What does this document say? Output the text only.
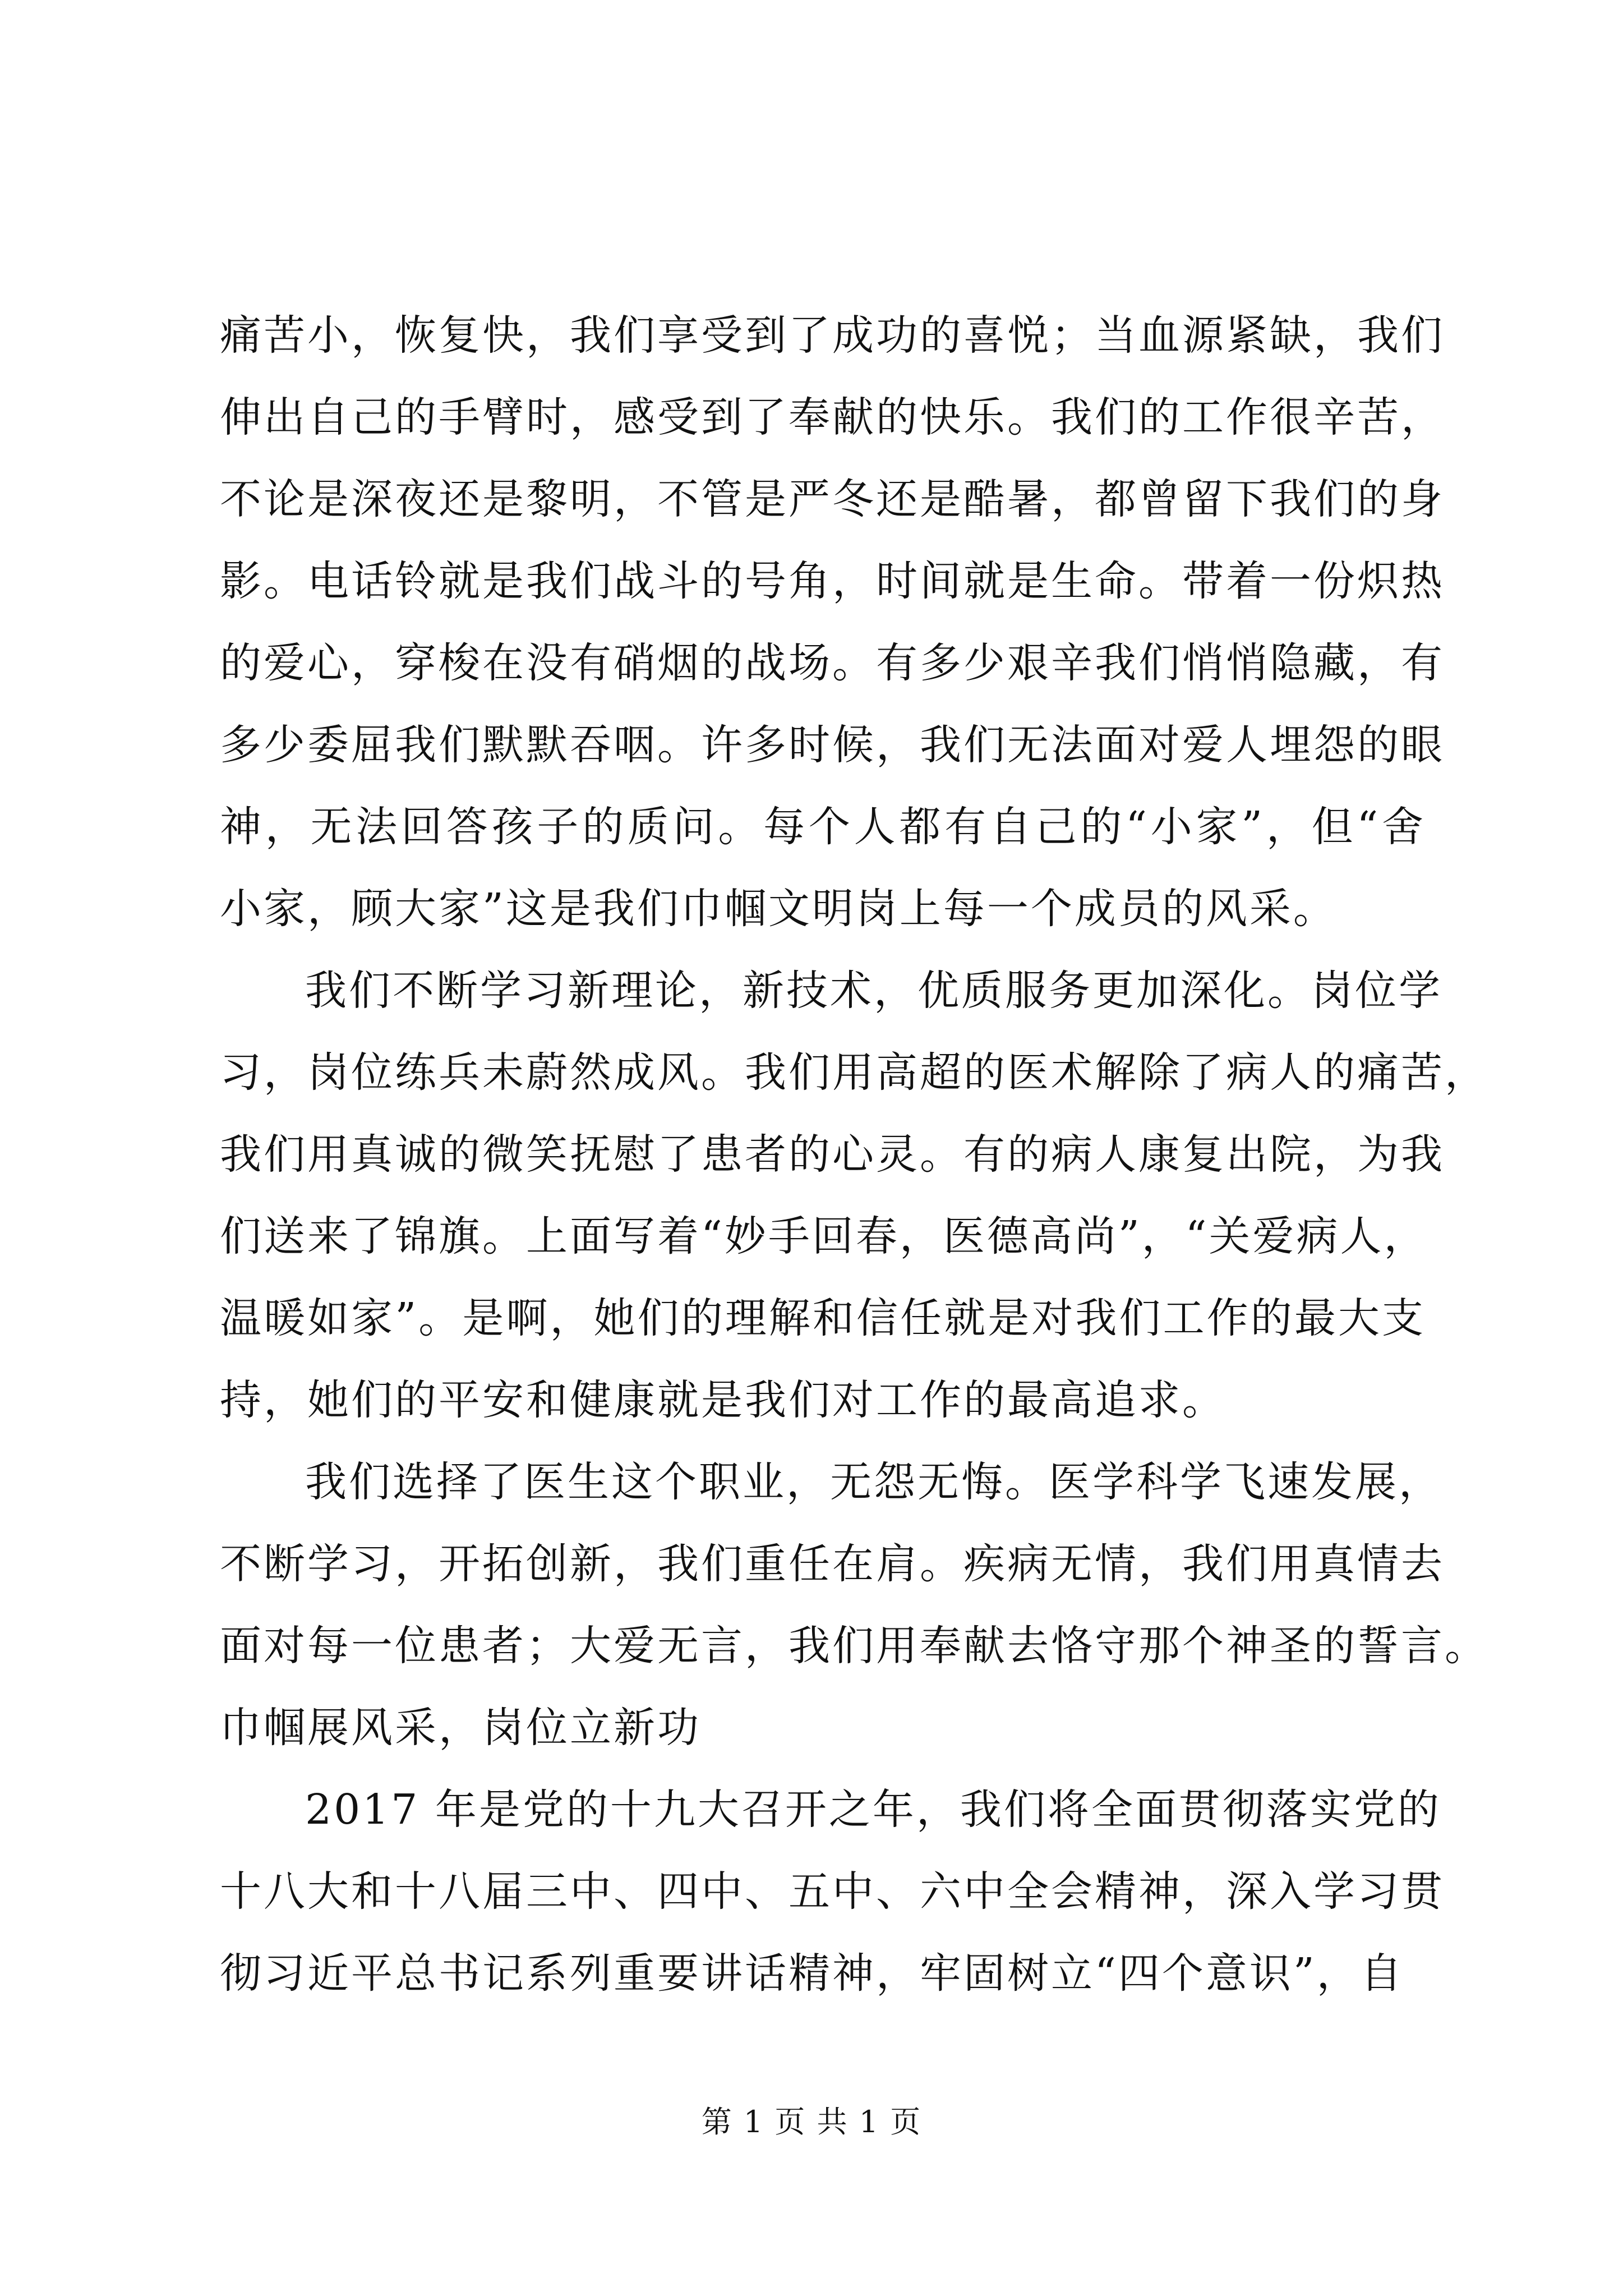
痛苦小，恢复快，我们享受到了成功的喜悦；当血源紧缺，我们
伸出自己的手臂时，感受到了奉献的快乐。我们的工作很辛苦，
不论是深夜还是黎明，不管是严冬还是酷暑，都曾留下我们的身
影。电话铃就是我们战斗的号角，时间就是生命。带着一份炽热
的爱心，穿梭在没有硝烟的战场。有多少艰辛我们悄悄隐藏，有
多少委屈我们默默吞咽。许多时候，我们无法面对爱人埋怨的眼
神，无法回答孩子的质问。每个人都有自己的“小家”，但“舍
小家，顾大家”这是我们巾帼文明岗上每一个成员的风采。
我们不断学习新理论，新技术，优质服务更加深化。岗位学
习，岗位练兵未蔚然成风。我们用高超的医术解除了病人的痛苦，
我们用真诚的微笑抚慰了患者的心灵。有的病人康复出院，为我
们送来了锦旗。上面写着“妙手回春，医德高尚”，“关爱病人，
温暖如家”。是啊，她们的理解和信任就是对我们工作的最大支
持，她们的平安和健康就是我们对工作的最高追求。
我们选择了医生这个职业，无怨无悔。医学科学飞速发展，
不断学习，开拓创新，我们重任在肩。疾病无情，我们用真情去
面对每一位患者；大爱无言，我们用奉献去恪守那个神圣的誓言。
巾帼展风采，岗位立新功
2017 年是党的十九大召开之年，我们将全面贯彻落实党的
十八大和十八届三中、四中、五中、六中全会精神，深入学习贯
彻习近平总书记系列重要讲话精神，牢固树立“四个意识”，自
第 1 页 共 1 页
